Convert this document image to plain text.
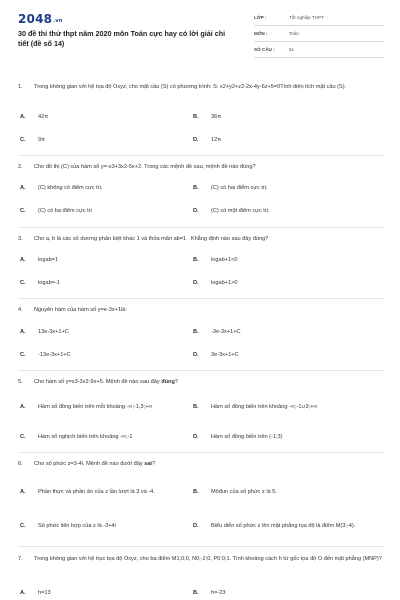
2048.vn
30 đề thi thử thpt năm 2020 môn Toán cực hay có lời giải chi tiết (đề số 14)
LỚP :	Tốt nghiệp THPT
MÔN :	Toán
SỐ CÂU :	51
1. Trong không gian với hệ tọa độ Oxyz, cho mặt cầu (S) có phương trình: S: x2+y2+z2-2x-4y-6z+5=0Tính diện tích mặt cầu (S).
A. 42π	B. 36π
C. 9π	D. 12π
2. Cho đồ thị (C) của hàm số y=-x3+3x2-5x+2. Trong các mệnh đề sau, mệnh đề nào đúng?
A. (C) không có điểm cực trị.	B. (C) có hai điểm cực trị.
C. (C) có ba điểm cực trị	D. (C) có một điểm cực trị.
3. Cho a, b là các số dương phân biệt khác 1 và thỏa mãn ab=1 . Khẳng định nào sau đây đúng?
A. logab=1	B. logab+1<0
C. logab=-1	D. logab+1>0
4. Nguyên hàm của hàm số y=e-3x+1là:
A. 13e-3x+1+C	B. -3e-3x+1+C
C. -13e-3x+1+C	D. 3e-3x+1+C
5. Cho hàm số y=x3-3x2-9x+5. Mệnh đề nào sau đây đúng?
A. Hàm số đồng biến trên mỗi khoảng -∞;-1,3;+∞	B. Hàm số đồng biến trên khoảng -∞;-1∪3;+∞
C. Hàm số nghịch biến trên khoảng -∞;-1	D. Hàm số đồng biến trên (-1;3)
6. Cho số phức z=3-4i. Mệnh đề nào dưới đây sai?
A. Phần thực và phần ảo của z lần lượt là 3 và -4.	B. Môđun của số phức z là 5.
C. Số phức liên hợp của z là -3+4i	D. Biểu diễn số phức z lên mặt phẳng tọa độ là điểm M(3;-4).
7. Trong không gian với hệ trục tọa độ Oxyz, cho ba điểm M1;0;0, N0;-2;0, P0;0;1. Tính khoảng cách h từ gốc tọa độ O đến mặt phẳng (MNP)?
A. h=13	B. h=-23
